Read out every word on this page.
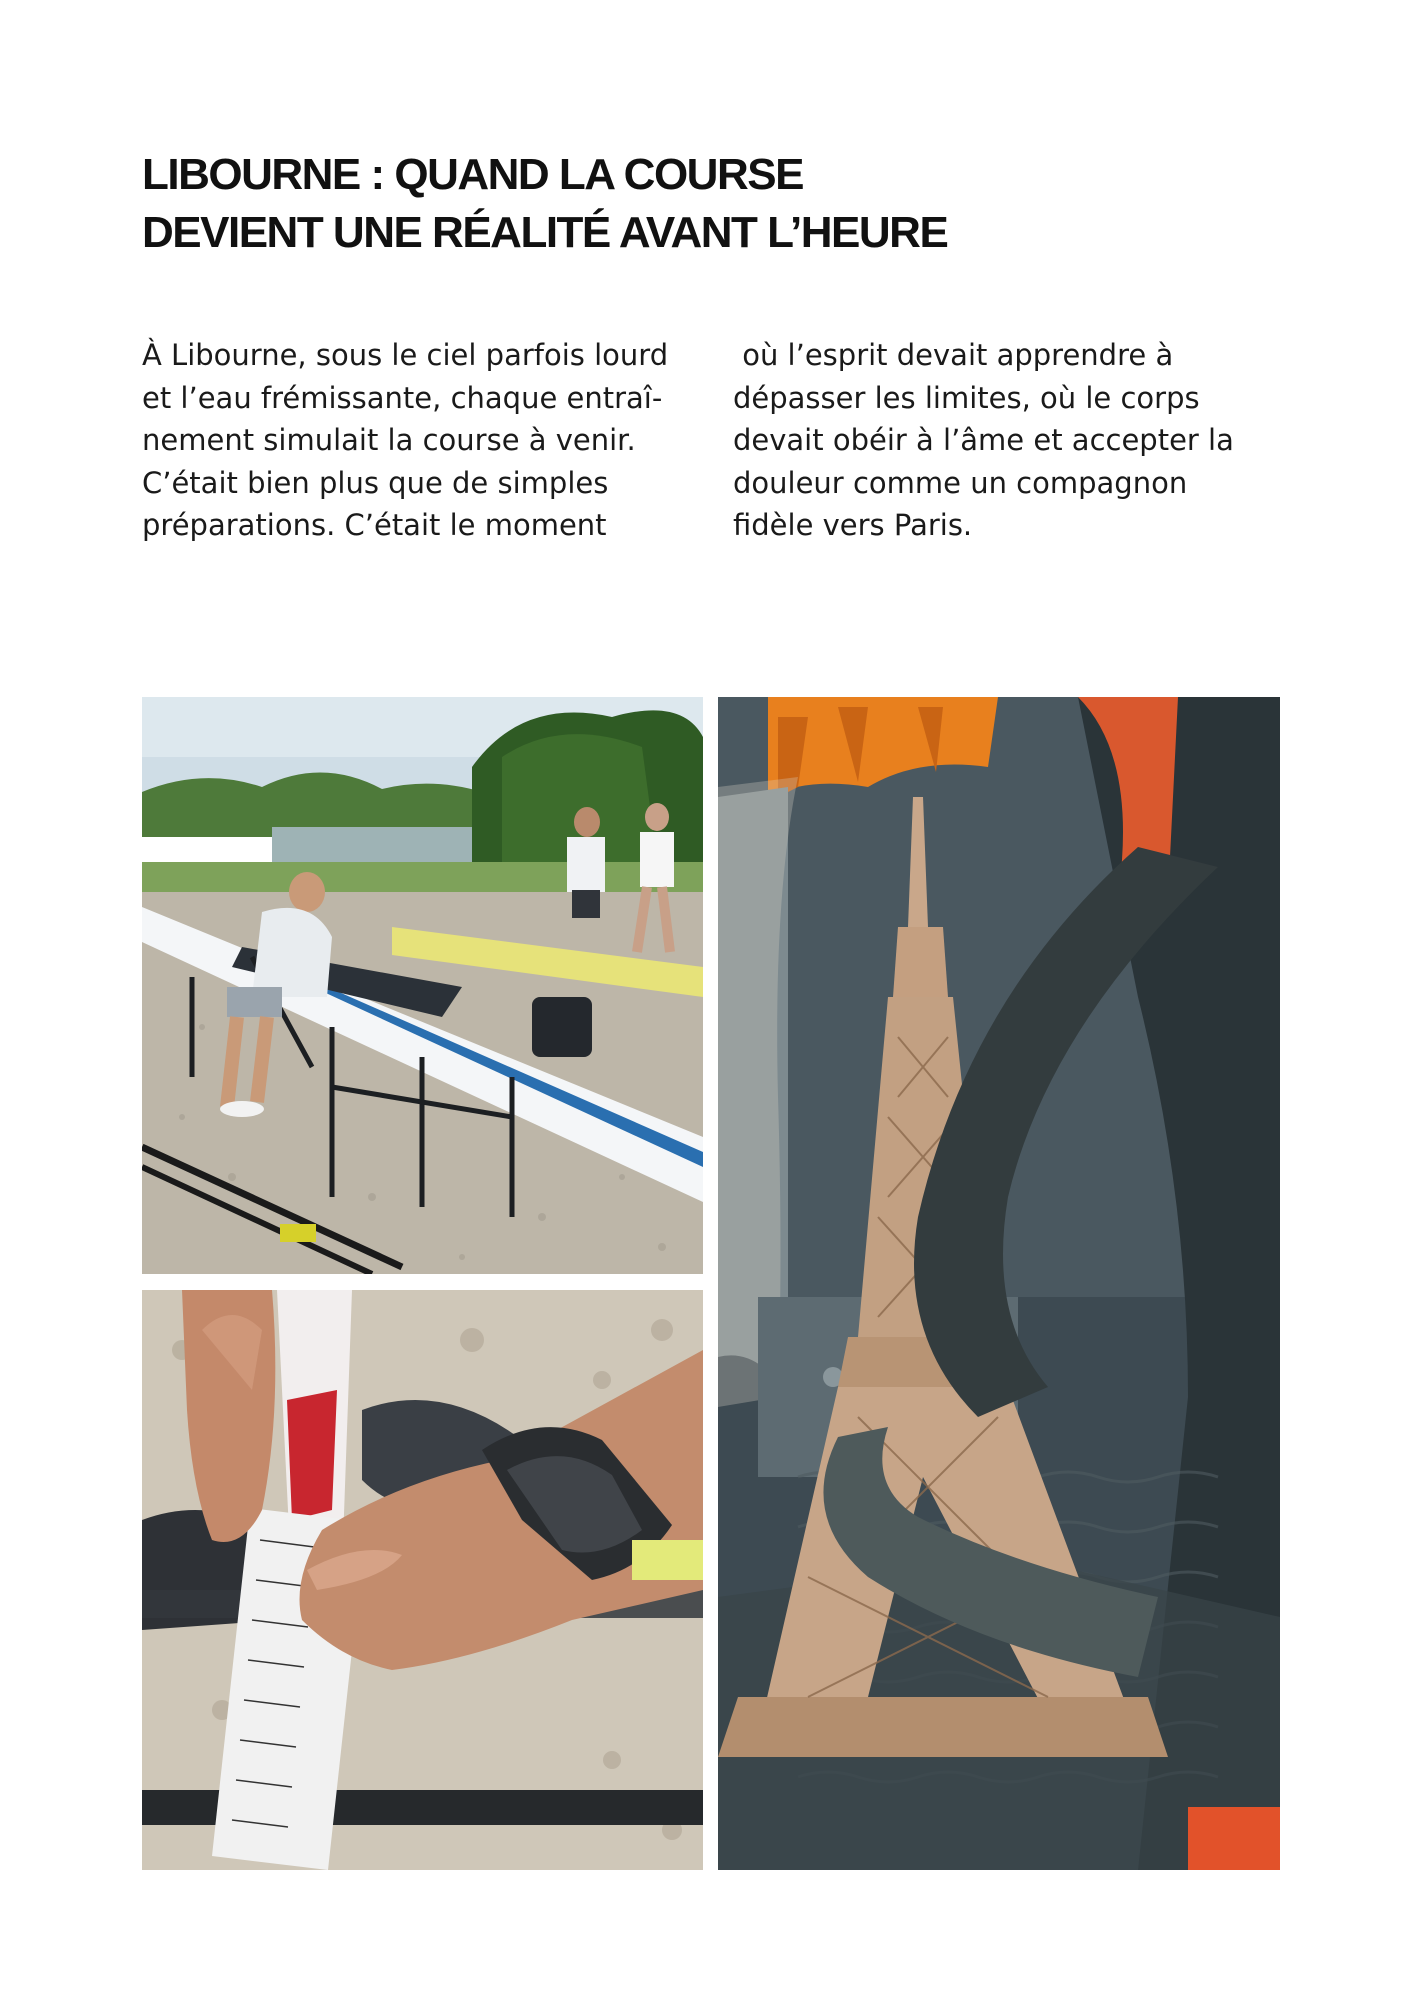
LIBOURNE : QUAND LA COURSE
DEVIENT UNE RÉALITÉ AVANT L’HEURE

À Libourne, sous le ciel parfois lourd
et l’eau frémissante, chaque entraî-
nement simulait la course à venir.
C’était bien plus que de simples
préparations. C’était le moment

où l’esprit devait apprendre à
dépasser les limites, où le corps
devait obéir à l’âme et accepter la
douleur comme un compagnon
fidèle vers Paris.
